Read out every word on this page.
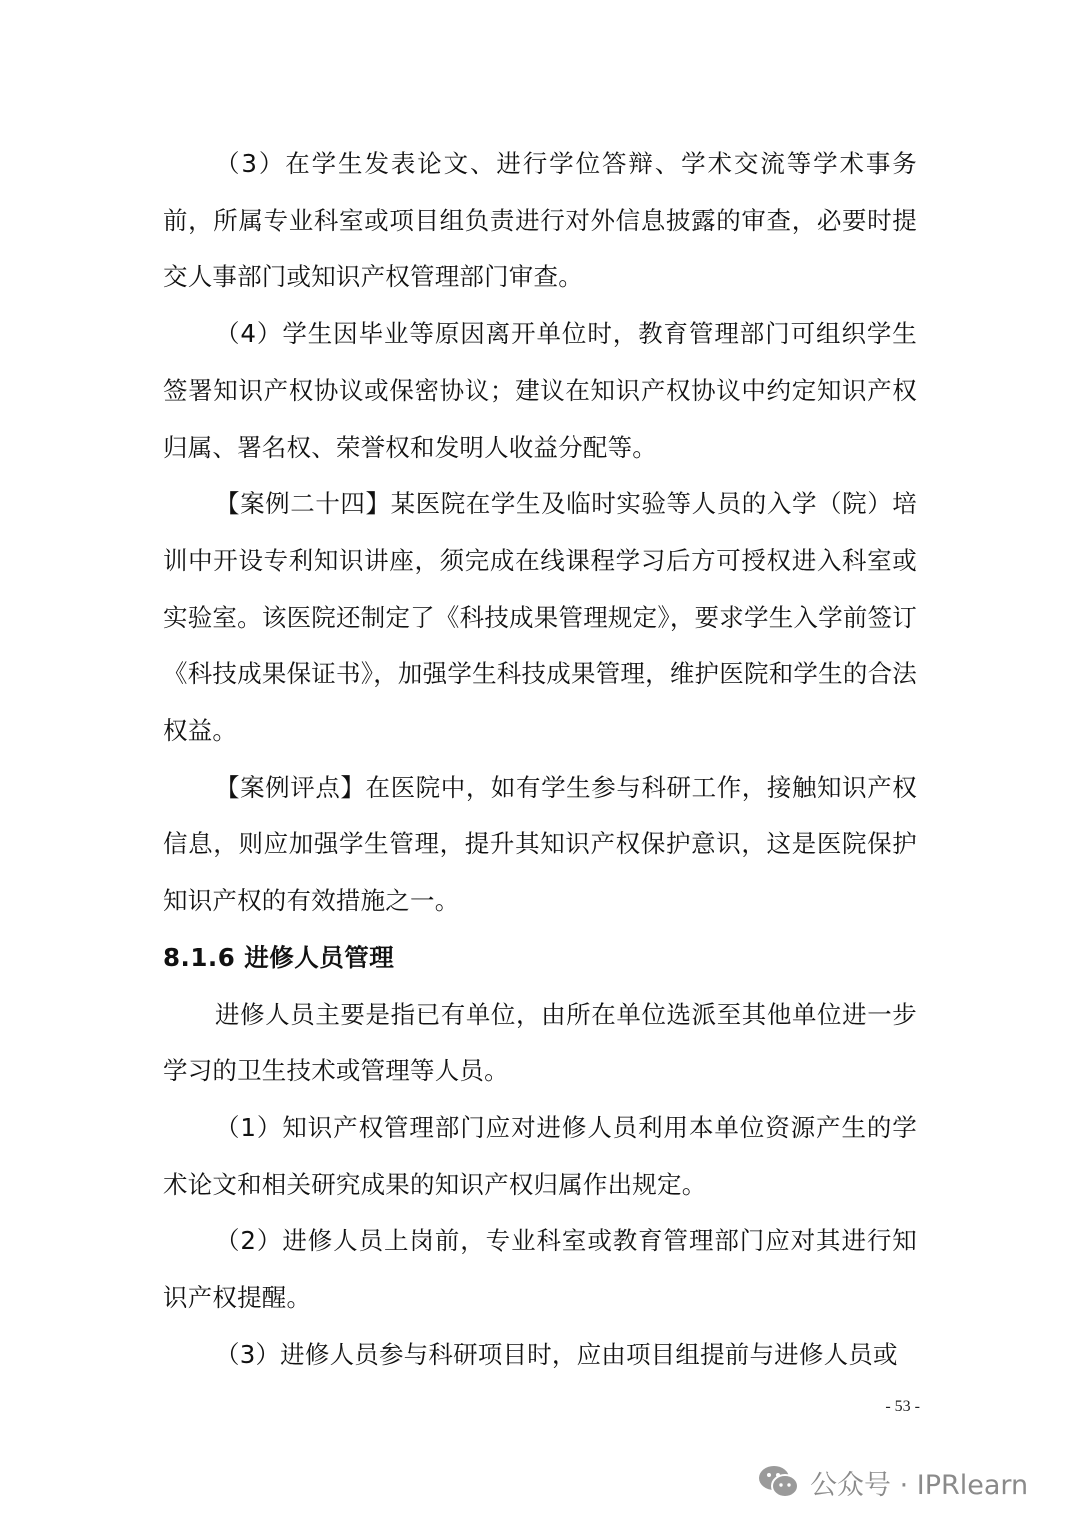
（3）在学生发表论文、进行学位答辩、学术交流等学术事务前，所属专业科室或项目组负责进行对外信息披露的审查，必要时提交人事部门或知识产权管理部门审查。

（4）学生因毕业等原因离开单位时，教育管理部门可组织学生签署知识产权协议或保密协议；建议在知识产权协议中约定知识产权归属、署名权、荣誉权和发明人收益分配等。

【案例二十四】某医院在学生及临时实验等人员的入学（院）培训中开设专利知识讲座，须完成在线课程学习后方可授权进入科室或实验室。该医院还制定了《科技成果管理规定》，要求学生入学前签订《科技成果保证书》，加强学生科技成果管理，维护医院和学生的合法权益。

【案例评点】在医院中，如有学生参与科研工作，接触知识产权信息，则应加强学生管理，提升其知识产权保护意识，这是医院保护知识产权的有效措施之一。

8.1.6 进修人员管理

进修人员主要是指已有单位，由所在单位选派至其他单位进一步学习的卫生技术或管理等人员。

（1）知识产权管理部门应对进修人员利用本单位资源产生的学术论文和相关研究成果的知识产权归属作出规定。

（2）进修人员上岗前，专业科室或教育管理部门应对其进行知识产权提醒。

（3）进修人员参与科研项目时，应由项目组提前与进修人员或

- 53 -
公众号 · IPRlearn
